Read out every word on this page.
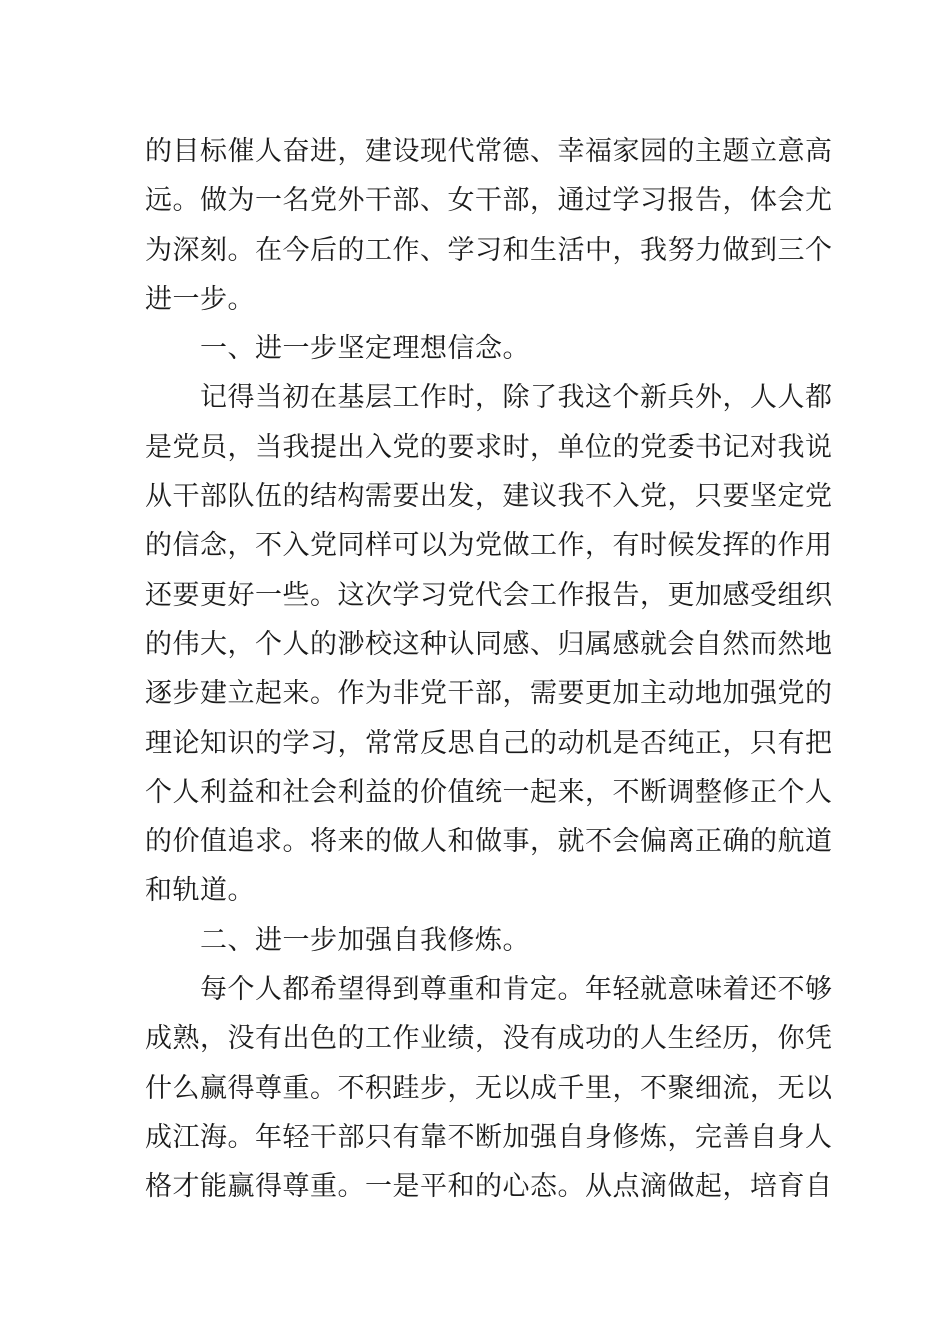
的目标催人奋进，建设现代常德、幸福家园的主题立意高
远。做为一名党外干部、女干部，通过学习报告，体会尤
为深刻。在今后的工作、学习和生活中，我努力做到三个
进一步。
一、进一步坚定理想信念。
记得当初在基层工作时，除了我这个新兵外，人人都
是党员，当我提出入党的要求时，单位的党委书记对我说
从干部队伍的结构需要出发，建议我不入党，只要坚定党
的信念，不入党同样可以为党做工作，有时候发挥的作用
还要更好一些。这次学习党代会工作报告，更加感受组织
的伟大，个人的渺校这种认同感、归属感就会自然而然地
逐步建立起来。作为非党干部，需要更加主动地加强党的
理论知识的学习，常常反思自己的动机是否纯正，只有把
个人利益和社会利益的价值统一起来，不断调整修正个人
的价值追求。将来的做人和做事，就不会偏离正确的航道
和轨道。
二、进一步加强自我修炼。
每个人都希望得到尊重和肯定。年轻就意味着还不够
成熟，没有出色的工作业绩，没有成功的人生经历，你凭
什么赢得尊重。不积跬步，无以成千里，不聚细流，无以
成江海。年轻干部只有靠不断加强自身修炼，完善自身人
格才能赢得尊重。一是平和的心态。从点滴做起，培育自
